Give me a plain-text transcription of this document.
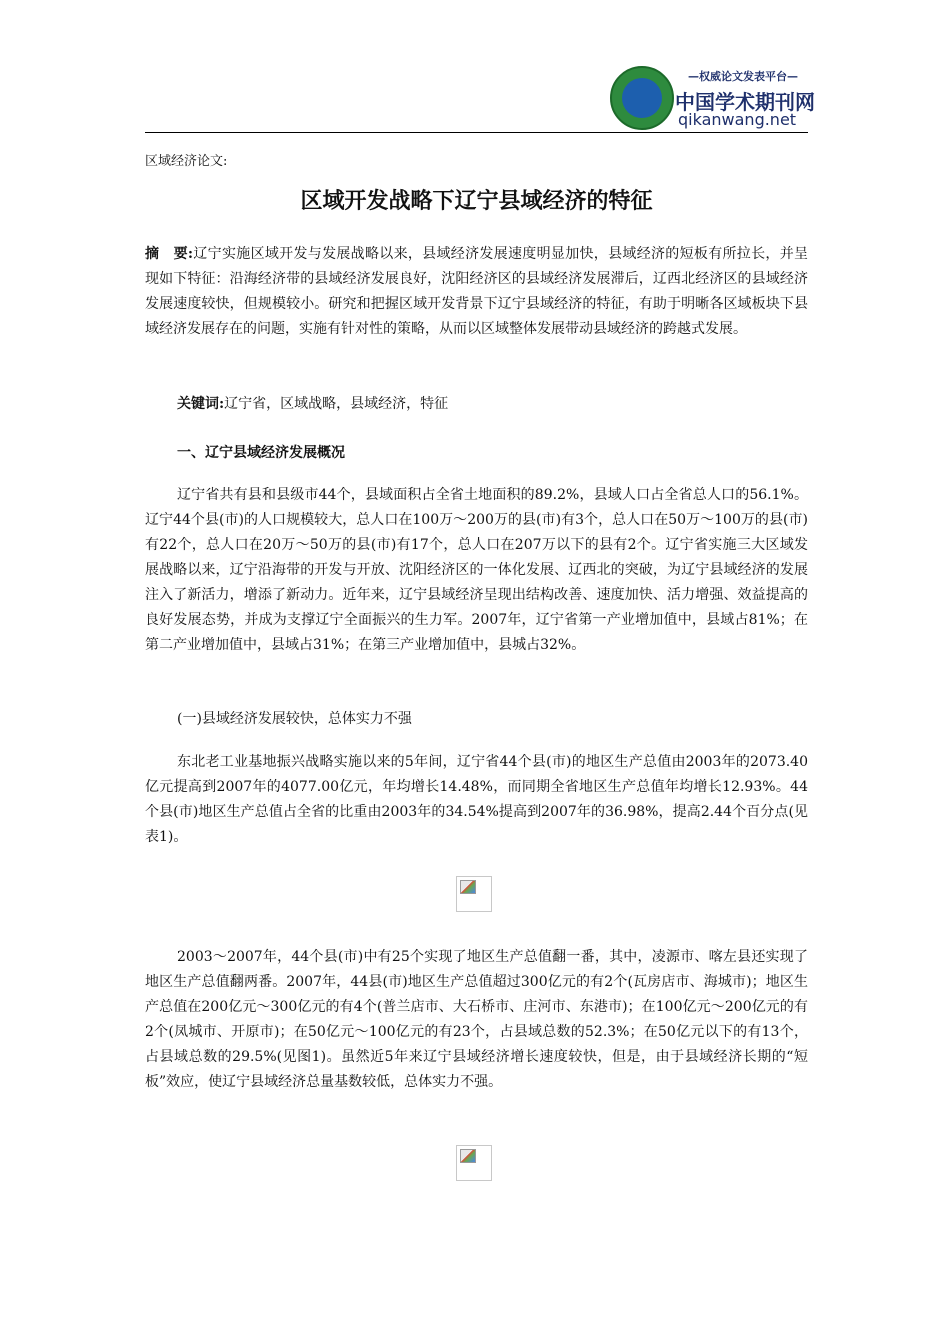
—权威论文发表平台—
中国学术期刊网
qikanwang.net
区域经济论文:
区域开发战略下辽宁县域经济的特征
摘　要:辽宁实施区域开发与发展战略以来，县域经济发展速度明显加快，县域经济的短板有所拉长，并呈现如下特征：沿海经济带的县域经济发展良好，沈阳经济区的县域经济发展滞后，辽西北经济区的县域经济发展速度较快，但规模较小。研究和把握区域开发背景下辽宁县域经济的特征，有助于明晰各区域板块下县域经济发展存在的问题，实施有针对性的策略，从而以区域整体发展带动县域经济的跨越式发展。
关键词:辽宁省，区域战略，县域经济，特征
一、辽宁县域经济发展概况
辽宁省共有县和县级市44个，县域面积占全省土地面积的89.2%，县域人口占全省总人口的56.1%。辽宁44个县(市)的人口规模较大，总人口在100万～200万的县(市)有3个，总人口在50万～100万的县(市)有22个，总人口在20万～50万的县(市)有17个，总人口在207万以下的县有2个。辽宁省实施三大区域发展战略以来，辽宁沿海带的开发与开放、沈阳经济区的一体化发展、辽西北的突破，为辽宁县域经济的发展注入了新活力，增添了新动力。近年来，辽宁县域经济呈现出结构改善、速度加快、活力增强、效益提高的良好发展态势，并成为支撑辽宁全面振兴的生力军。2007年，辽宁省第一产业增加值中，县域占81%；在第二产业增加值中，县域占31%；在第三产业增加值中，县城占32%。
(一)县域经济发展较快，总体实力不强
东北老工业基地振兴战略实施以来的5年间，辽宁省44个县(市)的地区生产总值由2003年的2073.40亿元提高到2007年的4077.00亿元，年均增长14.48%，而同期全省地区生产总值年均增长12.93%。44个县(市)地区生产总值占全省的比重由2003年的34.54%提高到2007年的36.98%，提高2.44个百分点(见表1)。
2003～2007年，44个县(市)中有25个实现了地区生产总值翻一番，其中，凌源市、喀左县还实现了地区生产总值翻两番。2007年，44县(市)地区生产总值超过300亿元的有2个(瓦房店市、海城市)；地区生产总值在200亿元～300亿元的有4个(普兰店市、大石桥市、庄河市、东港市)；在100亿元～200亿元的有2个(凤城市、开原市)；在50亿元～100亿元的有23个，占县域总数的52.3%；在50亿元以下的有13个，占县域总数的29.5%(见图1)。虽然近5年来辽宁县域经济增长速度较快，但是，由于县域经济长期的“短板”效应，使辽宁县域经济总量基数较低，总体实力不强。
